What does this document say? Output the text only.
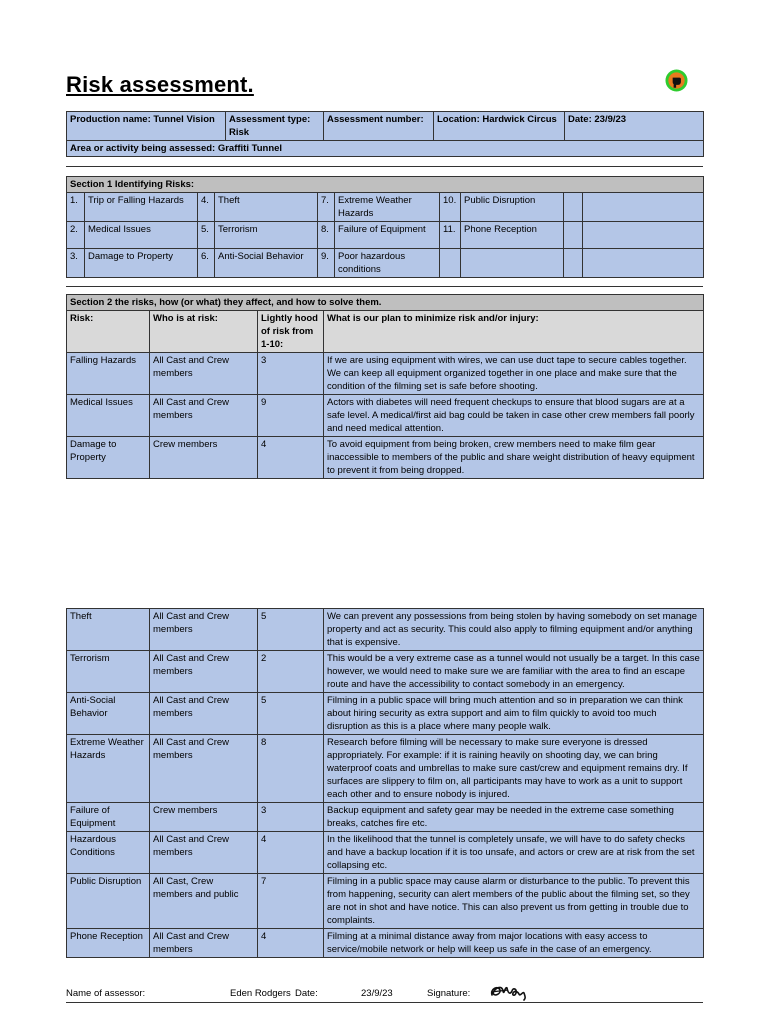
Risk assessment.
Production name: Tunnel Vision	Assessment type: Risk	Assessment number:	Location: Hardwick Circus	Date: 23/9/23
Area or activity being assessed: Graffiti Tunnel
Section 1 Identifying Risks:									
1.	Trip or Falling Hazards	4.	Theft	7.	Extreme Weather Hazards	10.	Public Disruption		
2.	Medical Issues	5.	Terrorism	8.	Failure of Equipment	11.	Phone Reception		
3.	Damage to Property	6.	Anti-Social Behavior	9.	Poor hazardous conditions				
Section 2 the risks, how (or what) they affect, and how to solve them.			
Risk:	Who is at risk:	Lightly hood of risk from 1-10:	What is our plan to minimize risk and/or injury:
Falling Hazards	All Cast and Crew members	3	If we are using equipment with wires, we can use duct tape to secure cables together. We can keep all equipment organized together in one place and make sure that the condition of the filming set is safe before shooting.
Medical Issues	All Cast and Crew members	9	Actors with diabetes will need frequent checkups to ensure that blood sugars are at a safe level. A medical/first aid bag could be taken in case other crew members fall poorly and need medical attention.
Damage to Property	Crew members	4	To avoid equipment from being broken, crew members need to make film gear inaccessible to members of the public and share weight distribution of heavy equipment to prevent it from being dropped.
Theft	All Cast and Crew members	5	We can prevent any possessions from being stolen by having somebody on set manage property and act as security. This could also apply to filming equipment and/or anything that is expensive.
Terrorism	All Cast and Crew members	2	This would be a very extreme case as a tunnel would not usually be a target. In this case however, we would need to make sure we are familiar with the area to find an escape route and have the accessibility to contact somebody in an emergency.
Anti-Social Behavior	All Cast and Crew members	5	Filming in a public space will bring much attention and so in preparation we can think about hiring security as extra support and aim to film quickly to avoid too much disruption as this is a place where many people walk.
Extreme Weather Hazards	All Cast and Crew members	8	Research before filming will be necessary to make sure everyone is dressed appropriately. For example: if it is raining heavily on shooting day, we can bring waterproof coats and umbrellas to make sure cast/crew and equipment remains dry. If surfaces are slippery to film on, all participants may have to work as a unit to support each other and to ensure nobody is injured.
Failure of Equipment	Crew members	3	Backup equipment and safety gear may be needed in the extreme case something breaks, catches fire etc.
Hazardous Conditions	All Cast and Crew members	4	In the likelihood that the tunnel is completely unsafe, we will have to do safety checks and have a backup location if it is too unsafe, and actors or crew are at risk from the set collapsing etc.
Public Disruption	All Cast, Crew members and public	7	Filming in a public space may cause alarm or disturbance to the public. To prevent this from happening, security can alert members of the public about the filming set, so they are not in shot and have notice. This can also prevent us from getting in trouble due to complaints.
Phone Reception	All Cast and Crew members	4	Filming at a minimal distance away from major locations with easy access to service/mobile network or help will keep us safe in the case of an emergency.
Name of assessor:	Eden Rodgers Date:	23/9/23	Signature:
